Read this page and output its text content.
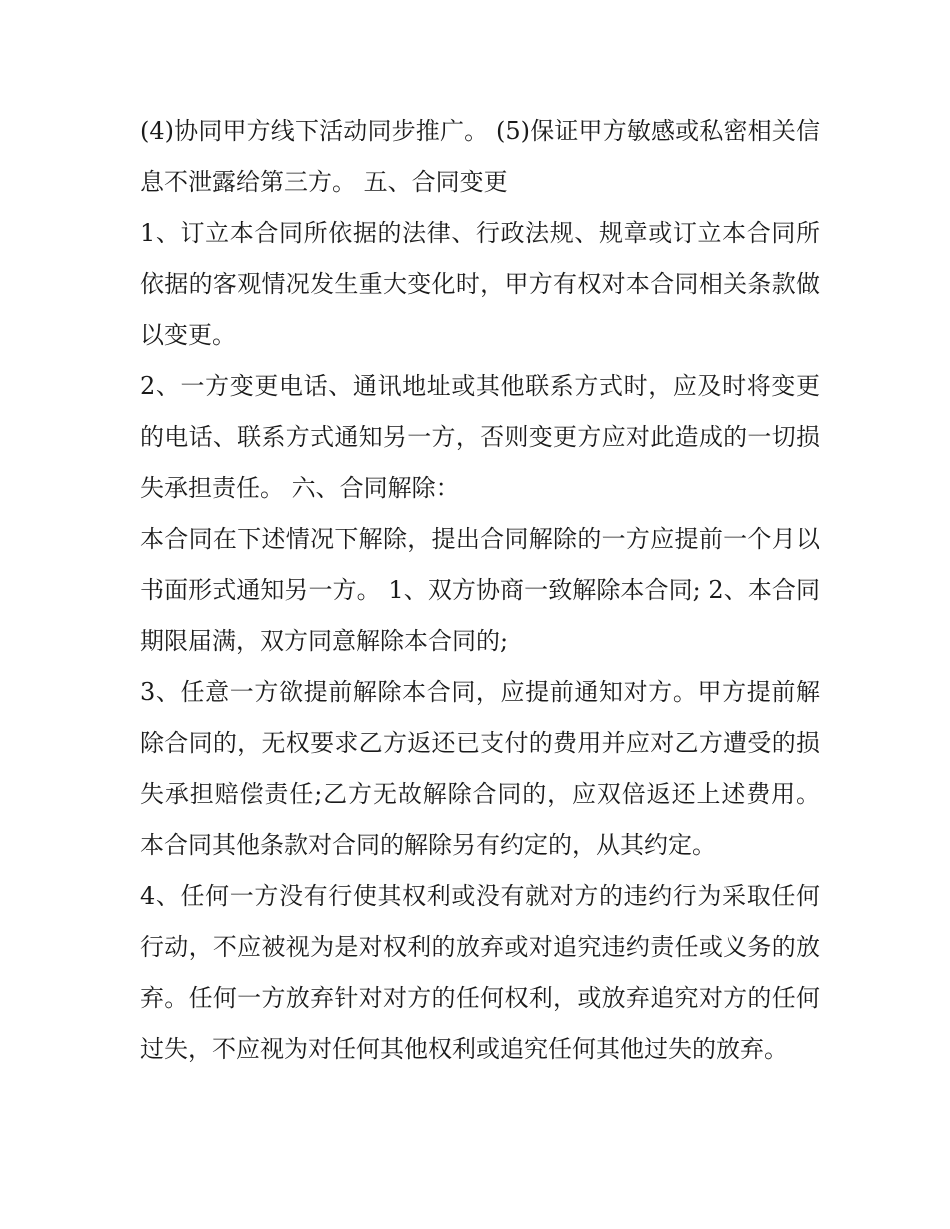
(4)协同甲方线下活动同步推广。 (5)保证甲方敏感或私密相关信息不泄露给第三方。 五、合同变更

1、订立本合同所依据的法律、行政法规、规章或订立本合同所依据的客观情况发生重大变化时，甲方有权对本合同相关条款做以变更。

2、一方变更电话、通讯地址或其他联系方式时，应及时将变更的电话、联系方式通知另一方，否则变更方应对此造成的一切损失承担责任。 六、合同解除：

本合同在下述情况下解除，提出合同解除的一方应提前一个月以书面形式通知另一方。 1、双方协商一致解除本合同; 2、本合同期限届满，双方同意解除本合同的;

3、任意一方欲提前解除本合同，应提前通知对方。甲方提前解除合同的，无权要求乙方返还已支付的费用并应对乙方遭受的损失承担赔偿责任;乙方无故解除合同的，应双倍返还上述费用。本合同其他条款对合同的解除另有约定的，从其约定。

4、任何一方没有行使其权利或没有就对方的违约行为采取任何行动，不应被视为是对权利的放弃或对追究违约责任或义务的放弃。任何一方放弃针对对方的任何权利，或放弃追究对方的任何过失，不应视为对任何其他权利或追究任何其他过失的放弃。
